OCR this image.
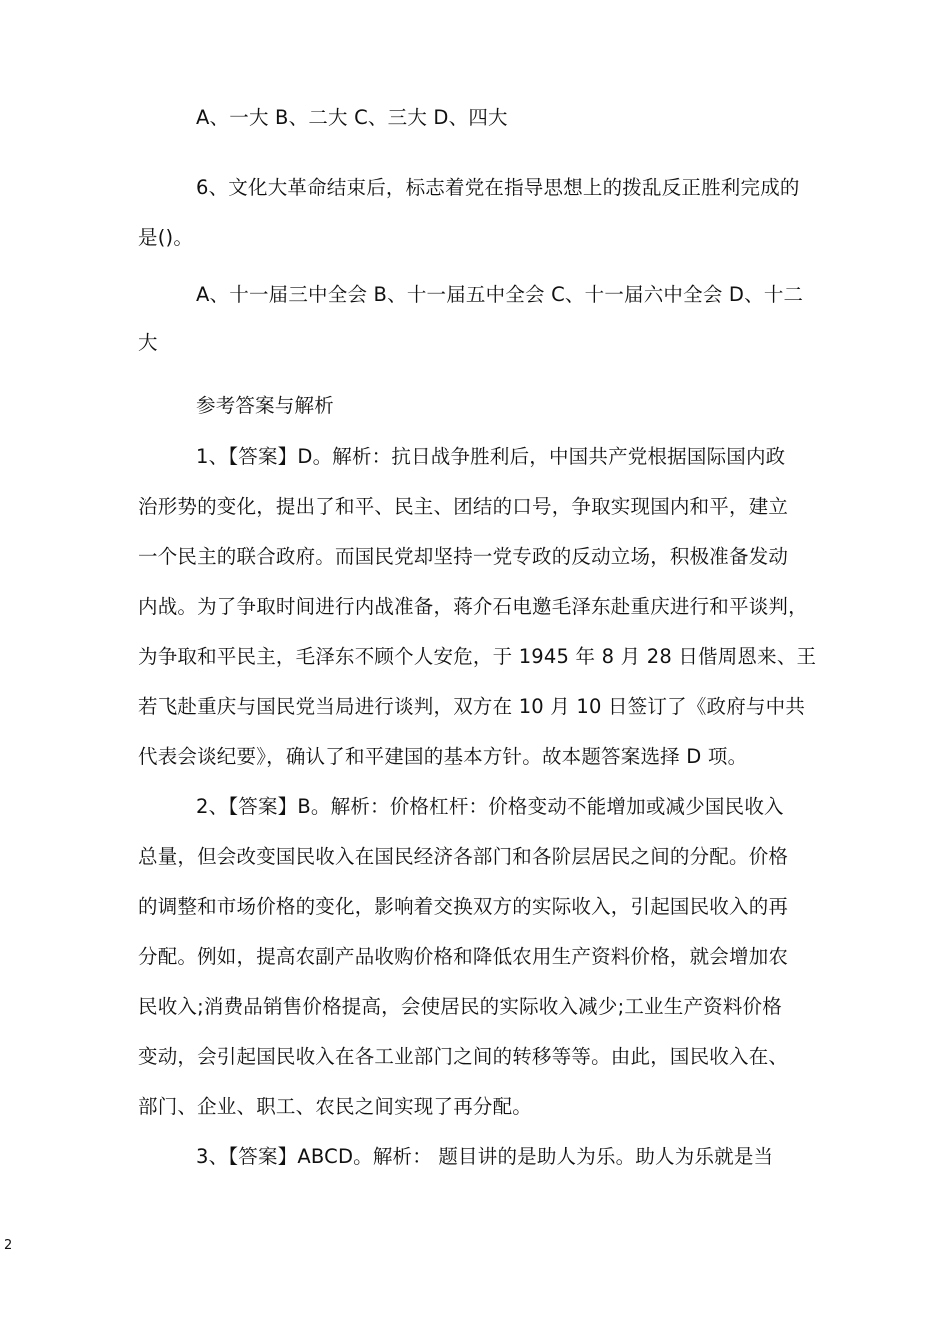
A、一大 B、二大 C、三大 D、四大
6、文化大革命结束后，标志着党在指导思想上的拨乱反正胜利完成的
是()。
A、十一届三中全会 B、十一届五中全会 C、十一届六中全会 D、十二
大
参考答案与解析
1、【答案】D。解析：抗日战争胜利后，中国共产党根据国际国内政
治形势的变化，提出了和平、民主、团结的口号，争取实现国内和平，建立
一个民主的联合政府。而国民党却坚持一党专政的反动立场，积极准备发动
内战。为了争取时间进行内战准备，蒋介石电邀毛泽东赴重庆进行和平谈判，
为争取和平民主，毛泽东不顾个人安危，于 1945 年 8 月 28 日偕周恩来、王
若飞赴重庆与国民党当局进行谈判，双方在 10 月 10 日签订了《政府与中共
代表会谈纪要》，确认了和平建国的基本方针。故本题答案选择 D 项。
2、【答案】B。解析：价格杠杆：价格变动不能增加或减少国民收入
总量，但会改变国民收入在国民经济各部门和各阶层居民之间的分配。价格
的调整和市场价格的变化，影响着交换双方的实际收入，引起国民收入的再
分配。例如，提高农副产品收购价格和降低农用生产资料价格，就会增加农
民收入;消费品销售价格提高，会使居民的实际收入减少;工业生产资料价格
变动，会引起国民收入在各工业部门之间的转移等等。由此，国民收入在、
部门、企业、职工、农民之间实现了再分配。
3、【答案】ABCD。解析： 题目讲的是助人为乐。助人为乐就是当
2
